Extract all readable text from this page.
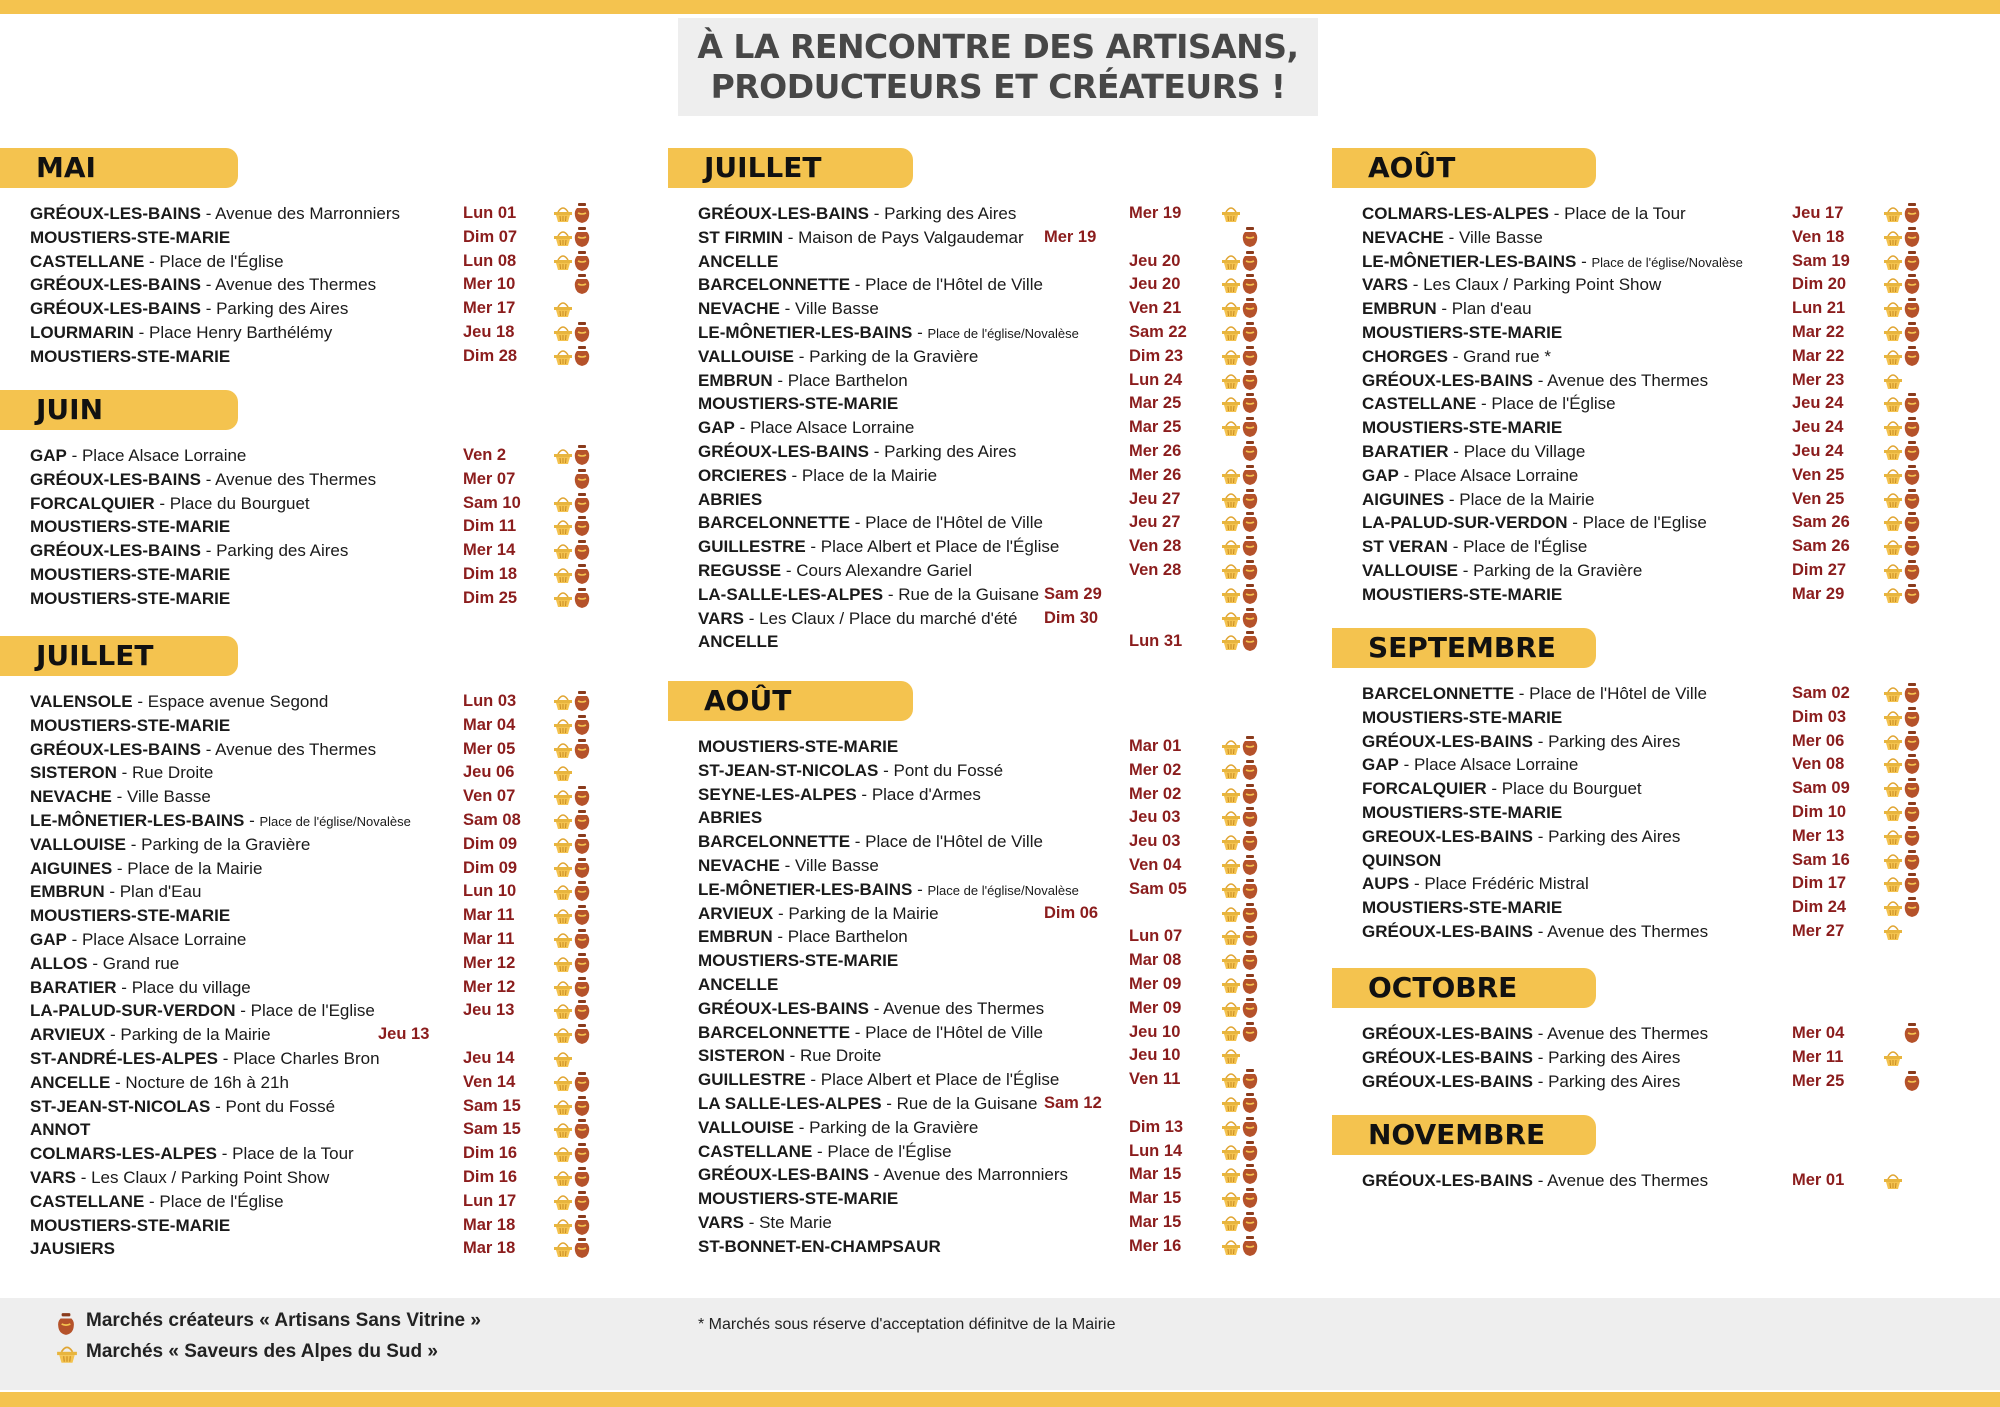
À LA RENCONTRE DES ARTISANS,
PRODUCTEURS ET CRÉATEURS !
MAI
GRÉOUX-LES-BAINS - Avenue des Marronniers	Lun 01
MOUSTIERS-STE-MARIE	Dim 07
CASTELLANE - Place de l'Église	Lun 08
GRÉOUX-LES-BAINS - Avenue des Thermes	Mer 10
GRÉOUX-LES-BAINS - Parking des Aires	Mer 17
LOURMARIN - Place Henry Barthélémy	Jeu 18
MOUSTIERS-STE-MARIE	Dim 28
JUIN
GAP - Place Alsace Lorraine	Ven 2
GRÉOUX-LES-BAINS - Avenue des Thermes	Mer 07
FORCALQUIER - Place du Bourguet	Sam 10
MOUSTIERS-STE-MARIE	Dim 11
GRÉOUX-LES-BAINS - Parking des Aires	Mer 14
MOUSTIERS-STE-MARIE	Dim 18
MOUSTIERS-STE-MARIE	Dim 25
JUILLET
VALENSOLE - Espace avenue Segond	Lun 03
MOUSTIERS-STE-MARIE	Mar 04
GRÉOUX-LES-BAINS - Avenue des Thermes	Mer 05
SISTERON - Rue Droite	Jeu 06
NEVACHE - Ville Basse	Ven 07
LE-MÔNETIER-LES-BAINS - Place de l'église/Novalèse	Sam 08
VALLOUISE - Parking de la Gravière	Dim 09
AIGUINES - Place de la Mairie	Dim 09
EMBRUN - Plan d'Eau	Lun 10
MOUSTIERS-STE-MARIE	Mar 11
GAP - Place Alsace Lorraine	Mar 11
ALLOS - Grand rue	Mer 12
BARATIER - Place du village	Mer 12
LA-PALUD-SUR-VERDON - Place de l'Eglise	Jeu 13
ARVIEUX - Parking de la Mairie	Jeu 13
ST-ANDRÉ-LES-ALPES - Place Charles Bron	Jeu 14
ANCELLE - Nocture de 16h à 21h	Ven 14
ST-JEAN-ST-NICOLAS - Pont du Fossé	Sam 15
ANNOT	Sam 15
COLMARS-LES-ALPES - Place de la Tour	Dim 16
VARS - Les Claux / Parking Point Show	Dim 16
CASTELLANE - Place de l'Église	Lun 17
MOUSTIERS-STE-MARIE	Mar 18
JAUSIERS	Mar 18
JUILLET
GRÉOUX-LES-BAINS - Parking des Aires	Mer 19
ST FIRMIN - Maison de Pays Valgaudemar Mer 19
ANCELLE	Jeu 20
BARCELONNETTE - Place de l'Hôtel de Ville	Jeu 20
NEVACHE - Ville Basse	Ven 21
LE-MÔNETIER-LES-BAINS - Place de l'église/Novalèse	Sam 22
VALLOUISE - Parking de la Gravière	Dim 23
EMBRUN - Place Barthelon	Lun 24
MOUSTIERS-STE-MARIE	Mar 25
GAP - Place Alsace Lorraine	Mar 25
GRÉOUX-LES-BAINS - Parking des Aires	Mer 26
ORCIERES - Place de la Mairie	Mer 26
ABRIES	Jeu 27
BARCELONNETTE - Place de l'Hôtel de Ville	Jeu 27
GUILLESTRE - Place Albert et Place de l'Église	Ven 28
REGUSSE - Cours Alexandre Gariel	Ven 28
LA-SALLE-LES-ALPES - Rue de la Guisane Sam 29
VARS - Les Claux / Place du marché d'été Dim 30
ANCELLE	Lun 31
AOÛT
MOUSTIERS-STE-MARIE	Mar 01
ST-JEAN-ST-NICOLAS - Pont du Fossé	Mer 02
SEYNE-LES-ALPES - Place d'Armes	Mer 02
ABRIES	Jeu 03
BARCELONNETTE - Place de l'Hôtel de Ville	Jeu 03
NEVACHE - Ville Basse	Ven 04
LE-MÔNETIER-LES-BAINS - Place de l'église/Novalèse	Sam 05
ARVIEUX - Parking de la Mairie	Dim 06
EMBRUN - Place Barthelon	Lun 07
MOUSTIERS-STE-MARIE	Mar 08
ANCELLE	Mer 09
GRÉOUX-LES-BAINS - Avenue des Thermes	Mer 09
BARCELONNETTE - Place de l'Hôtel de Ville	Jeu 10
SISTERON - Rue Droite	Jeu 10
GUILLESTRE - Place Albert et Place de l'Église	Ven 11
LA SALLE-LES-ALPES - Rue de la Guisane Sam 12
VALLOUISE - Parking de la Gravière	Dim 13
CASTELLANE - Place de l'Église	Lun 14
GRÉOUX-LES-BAINS - Avenue des Marronniers	Mar 15
MOUSTIERS-STE-MARIE	Mar 15
VARS - Ste Marie	Mar 15
ST-BONNET-EN-CHAMPSAUR	Mer 16
AOÛT
COLMARS-LES-ALPES - Place de la Tour	Jeu 17
NEVACHE - Ville Basse	Ven 18
LE-MÔNETIER-LES-BAINS - Place de l'église/Novalèse	Sam 19
VARS - Les Claux / Parking Point Show	Dim 20
EMBRUN - Plan d'eau	Lun 21
MOUSTIERS-STE-MARIE	Mar 22
CHORGES - Grand rue *	Mar 22
GRÉOUX-LES-BAINS - Avenue des Thermes	Mer 23
CASTELLANE - Place de l'Église	Jeu 24
MOUSTIERS-STE-MARIE	Jeu 24
BARATIER - Place du Village	Jeu 24
GAP - Place Alsace Lorraine	Ven 25
AIGUINES - Place de la Mairie	Ven 25
LA-PALUD-SUR-VERDON - Place de l'Eglise	Sam 26
ST VERAN - Place de l'Église	Sam 26
VALLOUISE - Parking de la Gravière	Dim 27
MOUSTIERS-STE-MARIE	Mar 29
SEPTEMBRE
BARCELONNETTE - Place de l'Hôtel de Ville	Sam 02
MOUSTIERS-STE-MARIE	Dim 03
GRÉOUX-LES-BAINS - Parking des Aires	Mer 06
GAP - Place Alsace Lorraine	Ven 08
FORCALQUIER - Place du Bourguet	Sam 09
MOUSTIERS-STE-MARIE	Dim 10
GREOUX-LES-BAINS - Parking des Aires	Mer 13
QUINSON	Sam 16
AUPS - Place Frédéric Mistral	Dim 17
MOUSTIERS-STE-MARIE	Dim 24
GRÉOUX-LES-BAINS - Avenue des Thermes	Mer 27
OCTOBRE
GRÉOUX-LES-BAINS - Avenue des Thermes	Mer 04
GRÉOUX-LES-BAINS - Parking des Aires	Mer 11
GRÉOUX-LES-BAINS - Parking des Aires	Mer 25
NOVEMBRE
GRÉOUX-LES-BAINS - Avenue des Thermes	Mer 01
Marchés créateurs « Artisans Sans Vitrine »
Marchés « Saveurs des Alpes du Sud »
* Marchés sous réserve d'acceptation définitve de la Mairie
